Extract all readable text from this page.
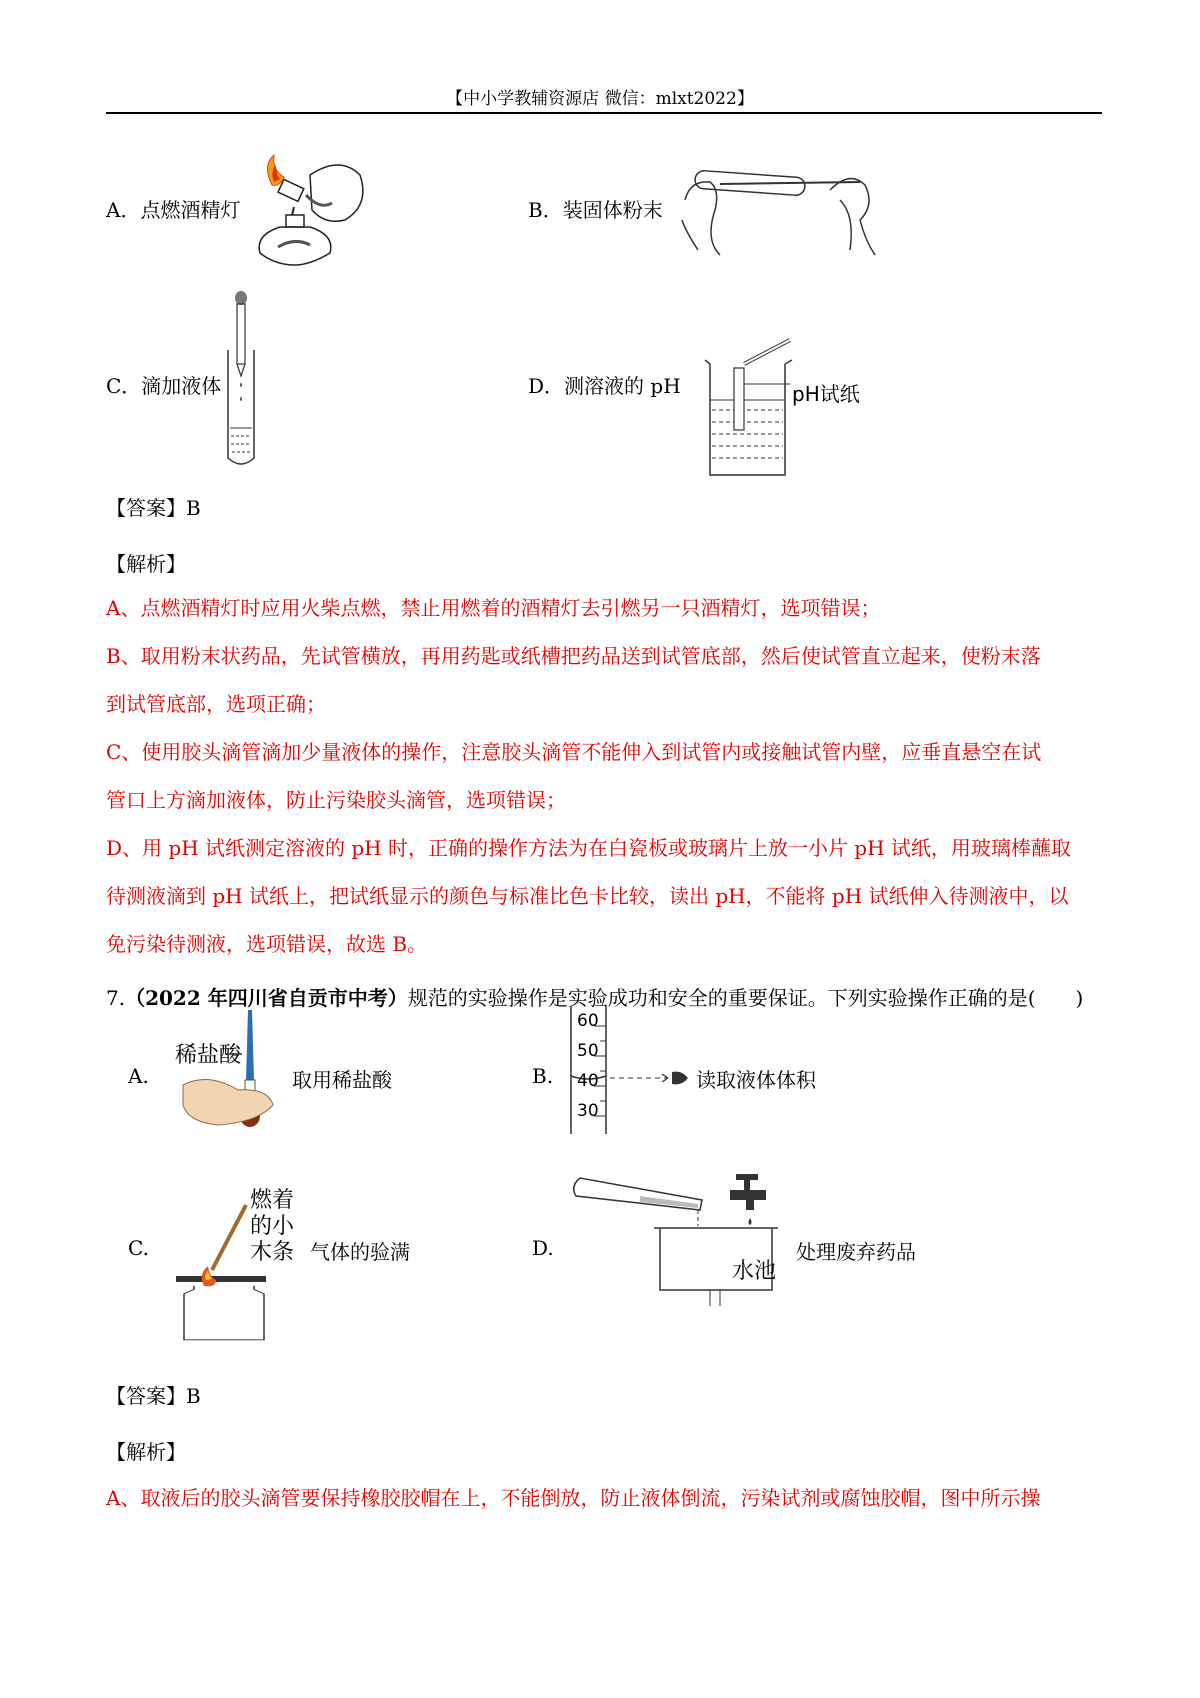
【中小学教辅资源店 微信：mlxt2022】
A．点燃酒精灯	B．装固体粉末
C．滴加液体	D．测溶液的 pH	pH试纸
【答案】B
【解析】
A、点燃酒精灯时应用火柴点燃，禁止用燃着的酒精灯去引燃另一只酒精灯，选项错误；
B、取用粉末状药品，先试管横放，再用药匙或纸槽把药品送到试管底部，然后使试管直立起来，使粉末落
到试管底部，选项正确；
C、使用胶头滴管滴加少量液体的操作，注意胶头滴管不能伸入到试管内或接触试管内壁，应垂直悬空在试
管口上方滴加液体，防止污染胶头滴管，选项错误；
D、用 pH 试纸测定溶液的 pH 时，正确的操作方法为在白瓷板或玻璃片上放一小片 pH 试纸，用玻璃棒蘸取
待测液滴到 pH 试纸上，把试纸显示的颜色与标准比色卡比较，读出 pH，不能将 pH 试纸伸入待测液中，以
免污染待测液，选项错误，故选 B。
7.（2022 年四川省自贡市中考）规范的实验操作是实验成功和安全的重要保证。下列实验操作正确的是(　　)
A.
稀盐酸
取用稀盐酸	B.
60
50
40
30
读取液体体积
C.
燃着
的小
木条 气体的验满	D.
水池
处理废弃药品
【答案】B
【解析】
A、取液后的胶头滴管要保持橡胶胶帽在上，不能倒放，防止液体倒流，污染试剂或腐蚀胶帽，图中所示操
